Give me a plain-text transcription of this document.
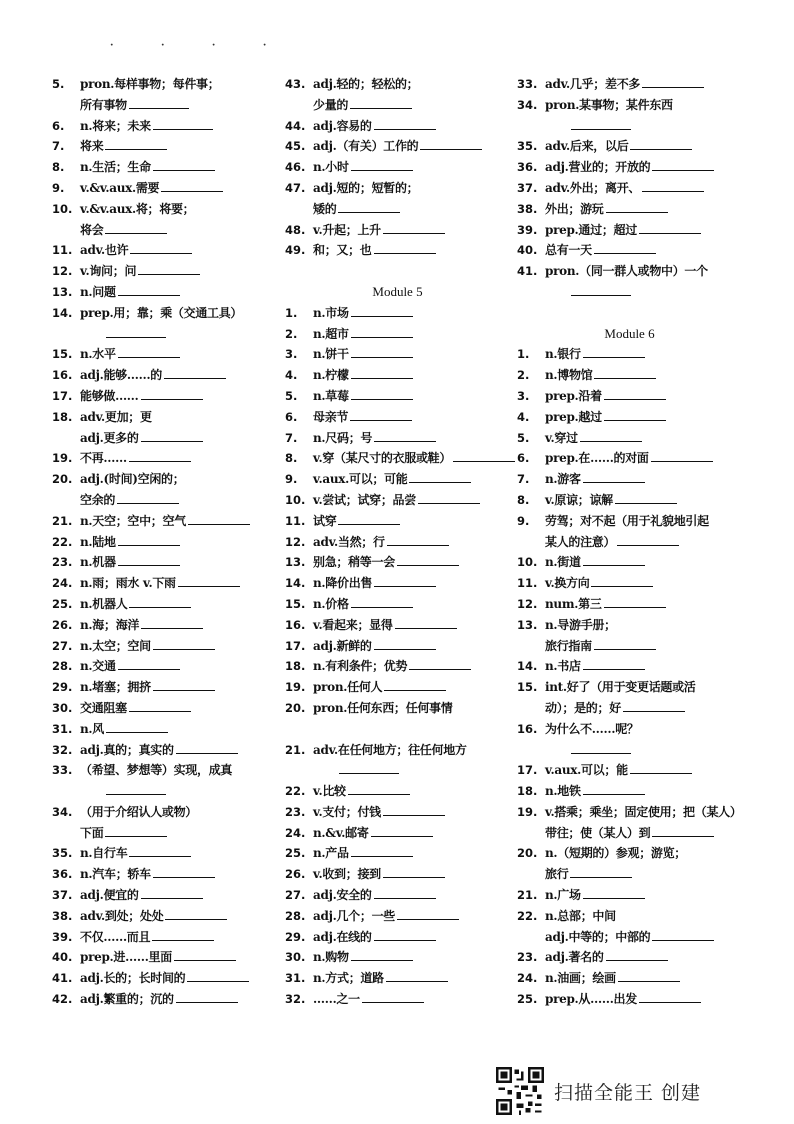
· · · ·
5. pron.每样事物；每件事；
所有事物
6. n.将来；未来
7. 将来
8. n.生活；生命
9. v.&v.aux.需要
10. v.&v.aux.将；将要；
将会
11. adv.也许
12. v.询问；问
13. n.问题
14. prep.用；靠；乘（交通工具）
15. n.水平
16. adj.能够……的
17. 能够做……
18. adv.更加；更
adj.更多的
19. 不再……
20. adj.(时间)空闲的；
空余的
21. n.天空；空中；空气
22. n.陆地
23. n.机器
24. n.雨；雨水 v.下雨
25. n.机器人
26. n.海；海洋
27. n.太空；空间
28. n.交通
29. n.堵塞；拥挤
30. 交通阻塞
31. n.风
32. adj.真的；真实的
33. （希望、梦想等）实现，成真
34. （用于介绍认人或物）
下面
35. n.自行车
36. n.汽车；轿车
37. adj.便宜的
38. adv.到处；处处
39. 不仅……而且
40. prep.进……里面
41. adj.长的；长时间的
42. adj.繁重的；沉的
43. adj.轻的；轻松的；
少量的
44. adj.容易的
45. adj.（有关）工作的
46. n.小时
47. adj.短的；短暂的；
矮的
48. v.升起；上升
49. 和；又；也
Module 5
1. n.市场
2. n.超市
3. n.饼干
4. n.柠檬
5. n.草莓
6. 母亲节
7. n.尺码；号
8. v.穿（某尺寸的衣服或鞋）
9. v.aux.可以；可能
10. v.尝试；试穿；品尝
11. 试穿
12. adv.当然；行
13. 别急；稍等一会
14. n.降价出售
15. n.价格
16. v.看起来；显得
17. adj.新鲜的
18. n.有利条件；优势
19. pron.任何人
20. pron.任何东西；任何事情
21. adv.在任何地方；往任何地方
22. v.比较
23. v.支付；付钱
24. n.&v.邮寄
25. n.产品
26. v.收到；接到
27. adj.安全的
28. adj.几个；一些
29. adj.在线的
30. n.购物
31. n.方式；道路
32. ……之一
33. adv.几乎；差不多
34. pron.某事物；某件东西
35. adv.后来，以后
36. adj.营业的；开放的
37. adv.外出；离开、
38. 外出；游玩
39. prep.通过；超过
40. 总有一天
41. pron.（同一群人或物中）一个
Module 6
1. n.银行
2. n.博物馆
3. prep.沿着
4. prep.越过
5. v.穿过
6. prep.在……的对面
7. n.游客
8. v.原谅；谅解
9. 劳驾；对不起（用于礼貌地引起
某人的注意）
10. n.街道
11. v.换方向
12. num.第三
13. n.导游手册；
旅行指南
14. n.书店
15. int.好了（用于变更话题或活
动）；是的；好
16. 为什么不……呢？
17. v.aux.可以；能
18. n.地铁
19. v.搭乘；乘坐；固定使用；把（某人）
带往；使（某人）到
20. n.（短期的）参观；游览；
旅行
21. n.广场
22. n.总部；中间
adj.中等的；中部的
23. adj.著名的
24. n.油画；绘画
25. prep.从……出发
扫描全能王 创建
